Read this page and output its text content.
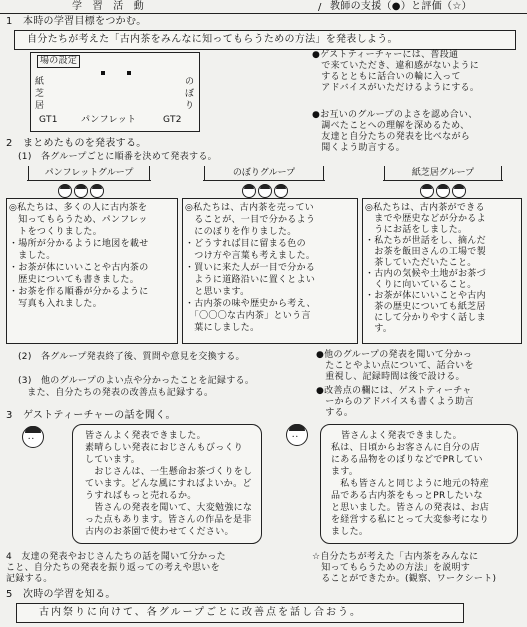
学　習　活　動	/ 教師の支援（●）と評価（☆）
1　本時の学習目標をつかむ。
自分たちが考えた「古内茶をみんなに知ってもらうための方法」を発表しよう。
場の設定
紙
芝
居
の
ぼ
り
GT1	パンフレット	GT2
●ゲストティーチャーには、普段通
　で来ていただき、違和感がないように
　するとともに話合いの輪に入って
　アドバイスがいただけるようにする。
●お互いのグループのよさを認め合い、
　調べたことへの理解を深めるため、
　友達と自分たちの発表を比べながら
　聞くよう助言する。
2　まとめたものを発表する。
(1)　各グループごとに順番を決めて発表する。
パンフレットグループ	のぼりグループ	紙芝居グループ
◎私たちは、多くの人に古内茶を
　知ってもらうため、パンフレッ
　トをつくりました。
・場所が分かるように地図を載せ
　ました。
・お茶が体にいいことや古内茶の
　歴史についても書きました。
・お茶を作る順番が分かるように
　写真も入れました。
◎私たちは、古内茶を売ってい
　ることが、一目で分かるよう
　にのぼりを作りました。
・どうすれば目に留まる色の
　つけ方や言葉も考えました。
・買いに来た人が一目で分かる
　ように道路沿いに置くとよい
　と思います。
・古内茶の味や歴史から考え、
　「〇〇〇な古内茶」という言
　葉にしました。
◎私たちは、古内茶ができる
　までや歴史などが分かるよ
　うにお話をしました。
・私たちが世話をし、摘んだ
　お茶を飯田さんの工場で製
　茶していただいたこと。
・古内の気候や土地がお茶づ
　くりに向いていること。
・お茶が体にいいことや古内
　茶の歴史についても紙芝居
　にして分かりやすく話しま
　す。
(2)　各グループ発表終了後、質問や意見を交換する。
(3)　他のグループのよい点や分かったことを記録する。
　また、自分たちの発表の改善点も記録する。
●他のグループの発表を聞いて分かっ
　たことやよい点について、話合いを
　重視し、記録時間は後で設ける。
●改善点の欄には、ゲストティーチャ
　ーからのアドバイスも書くよう助言
　する。
3　ゲストティーチャーの話を聞く。
• •	皆さんよく発表できました。
素晴らしい発表におじさんもびっくり
しています。
　おじさんは、一生懸命お茶づくりをし
ています。どんな風にすればよいか。ど
うすればもっと売れるか。
　皆さんの発表を聞いて、大変勉強にな
った点もあります。皆さんの作品を是非
古内のお茶園で使わせてください。
• •	皆さんよく発表できました。
私は、日頃からお客さんに自分の店
にある品物をのぼりなどでPRしてい
ます。
　私も皆さんと同じように地元の特産
品である古内茶をもっとPRしたいな
と思いました。皆さんの発表は、お店
を経営する私にとって大変参考になり
ました。
4　友達の発表やおじさんたちの話を聞いて分かった
こと、自分たちの発表を振り返っての考えや思いを
記録する。
☆自分たちが考えた「古内茶をみんなに
　知ってもらうための方法」を説明す
　ることができたか。(観察、ワークシート)
5　次時の学習を知る。
古内祭りに向けて、各グループごとに改善点を話し合おう。
